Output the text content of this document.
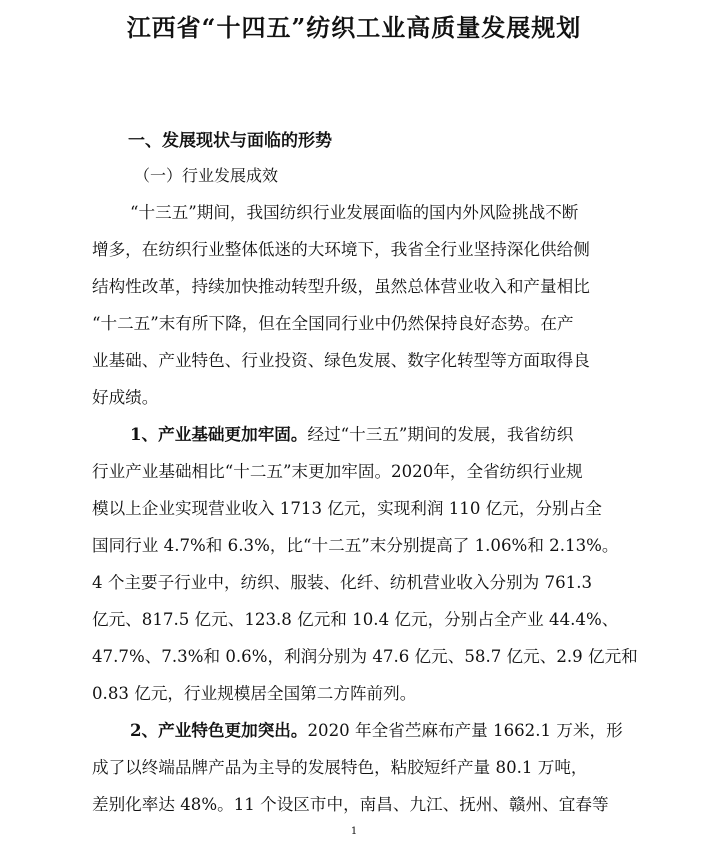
江西省“十四五”纺织工业高质量发展规划
一、发展现状与面临的形势
（一）行业发展成效
“十三五”期间，我国纺织行业发展面临的国内外风险挑战不断
增多，在纺织行业整体低迷的大环境下，我省全行业坚持深化供给侧
结构性改革，持续加快推动转型升级，虽然总体营业收入和产量相比
“十二五”末有所下降，但在全国同行业中仍然保持良好态势。在产
业基础、产业特色、行业投资、绿色发展、数字化转型等方面取得良
好成绩。
1、产业基础更加牢固。经过“十三五”期间的发展，我省纺织
行业产业基础相比“十二五”末更加牢固。2020年，全省纺织行业规
模以上企业实现营业收入 1713 亿元，实现利润 110 亿元，分别占全
国同行业 4.7%和 6.3%，比“十二五”末分别提高了 1.06%和 2.13%。
4 个主要子行业中，纺织、服装、化纤、纺机营业收入分别为 761.3
亿元、817.5 亿元、123.8 亿元和 10.4 亿元，分别占全产业 44.4%、
47.7%、7.3%和 0.6%，利润分别为 47.6 亿元、58.7 亿元、2.9 亿元和
0.83 亿元，行业规模居全国第二方阵前列。
2、产业特色更加突出。2020 年全省苎麻布产量 1662.1 万米，形
成了以终端品牌产品为主导的发展特色，粘胶短纤产量 80.1 万吨，
差别化率达 48%。11 个设区市中，南昌、九江、抚州、赣州、宜春等
1
